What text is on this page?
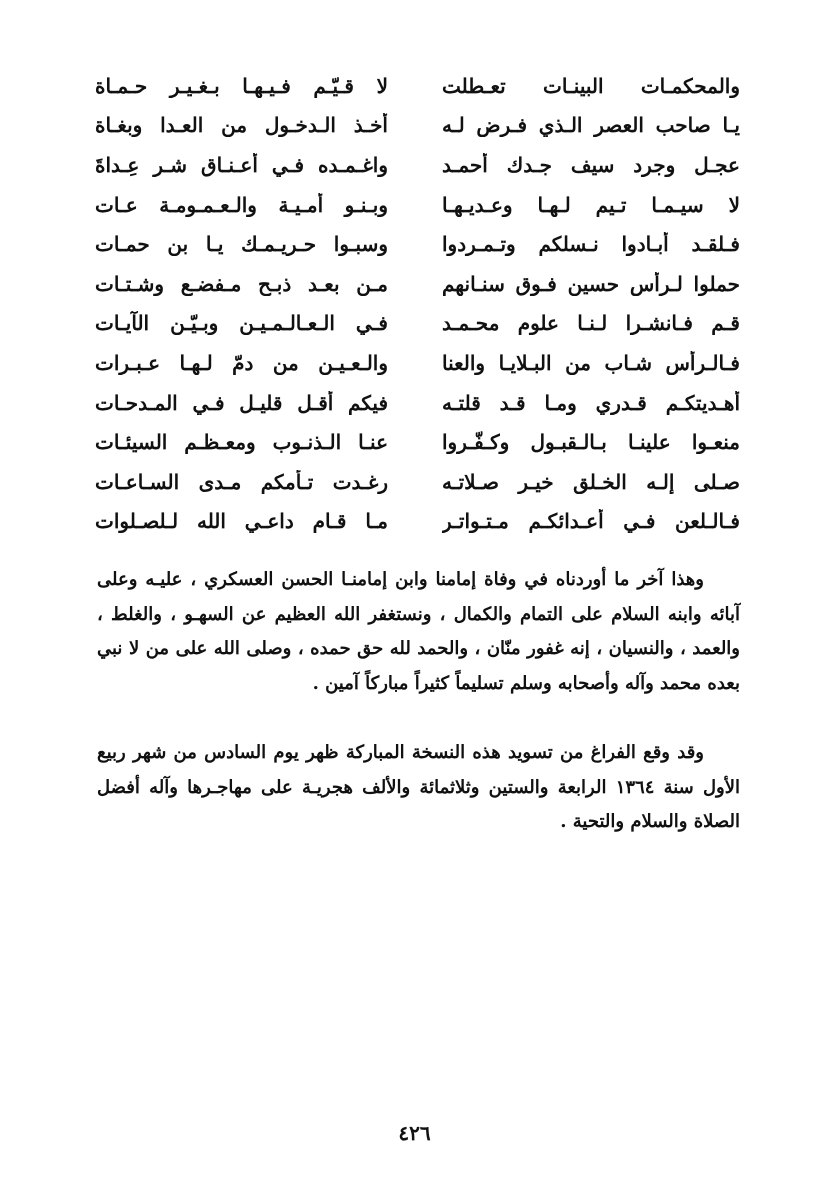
والمحكمـات البينـات تعـطلت
لا قـيّـم فـيـهـا بـغـيـر حـمـاة
يـا صاحب العصر الـذي فـرض لـه
أخـذ الـدخـول من العـدا وبغـاة
عجـل وجرد سيف جـدك أحمـد
واغـمـده فـي أعـنـاق شـر عِـداةَ
لا سيـمـا تـيم لـهـا وعـديـهـا
وبـنـو أمـيـة والـعـمـومـة عـات
فـلقـد أبـادوا نـسلكم وتـمـردوا
وسبـوا حـريـمـك يـا بن حمـات
حملوا لـرأس حسين فـوق سنـانهم
مـن بعـد ذبـح مـفضـع وشـتـات
قـم فـانشـرا لـنـا علوم محـمـد
فـي الـعـالـمـيـن وبـيّـن الآيـات
فـالـرأس شـاب من البـلايـا والعنا
والـعـيـن من دمّ لـهـا عـبـرات
أهـديتكـم قـدري ومـا قـد قلتـه
فيكم أقـل قليـل فـي المـدحـات
منعـوا علينـا بـالـقبـول وكـفّـروا
عنـا الـذنـوب ومعـظـم السيئـات
صـلى إلـه الخـلق خيـر صـلاتـه
رغـدت تـأمكم مـدى السـاعـات
فـالـلعن فـي أعـدائكـم مـتـواتـر
مـا قـام داعـي الله لـلصـلوات

وهذا آخر ما أوردناه في وفاة إمامنا وابن إمامنـا الحسن العسكري ، عليـه وعلى آبائه وابنه السلام على التمام والكمال ، ونستغفر الله العظيم عن السهـو ، والغلط ، والعمد ، والنسيان ، إنه غفور منّان ، والحمد لله حق حمده ، وصلى الله على من لا نبي بعده محمد وآله وأصحابه وسلم تسليماً كثيراً مباركاً آمين .

وقد وقع الفراغ من تسويد هذه النسخة المباركة ظهر يوم السادس من شهر ربيع الأول سنة ١٣٦٤ الرابعة والستين وثلاثمائة والألف هجريـة على مهاجـرها وآله أفضل الصلاة والسلام والتحية .

٤٢٦
